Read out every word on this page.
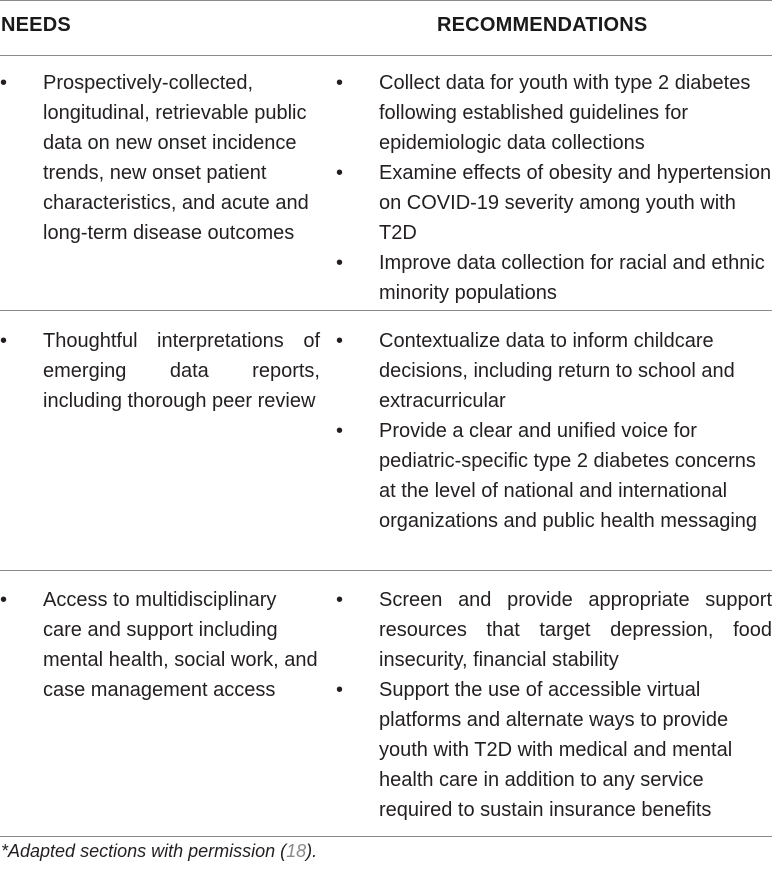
NEEDS	RECOMMENDATIONS
• Prospectively-collected, longitudinal, retrievable public data on new onset incidence trends, new onset patient characteristics, and acute and long-term disease outcomes
• Collect data for youth with type 2 diabetes following established guidelines for epidemiologic data collections
• Examine effects of obesity and hypertension on COVID-19 severity among youth with T2D
• Improve data collection for racial and ethnic minority populations
• Thoughtful interpretations of emerging data reports, including thorough peer review
• Contextualize data to inform childcare decisions, including return to school and extracurricular
• Provide a clear and unified voice for pediatric-specific type 2 diabetes concerns at the level of national and international organizations and public health messaging
• Access to multidisciplinary care and support including mental health, social work, and case management access
• Screen and provide appropriate support resources that target depression, food insecurity, financial stability
• Support the use of accessible virtual platforms and alternate ways to provide youth with T2D with medical and mental health care in addition to any service required to sustain insurance benefits
*Adapted sections with permission (18).
